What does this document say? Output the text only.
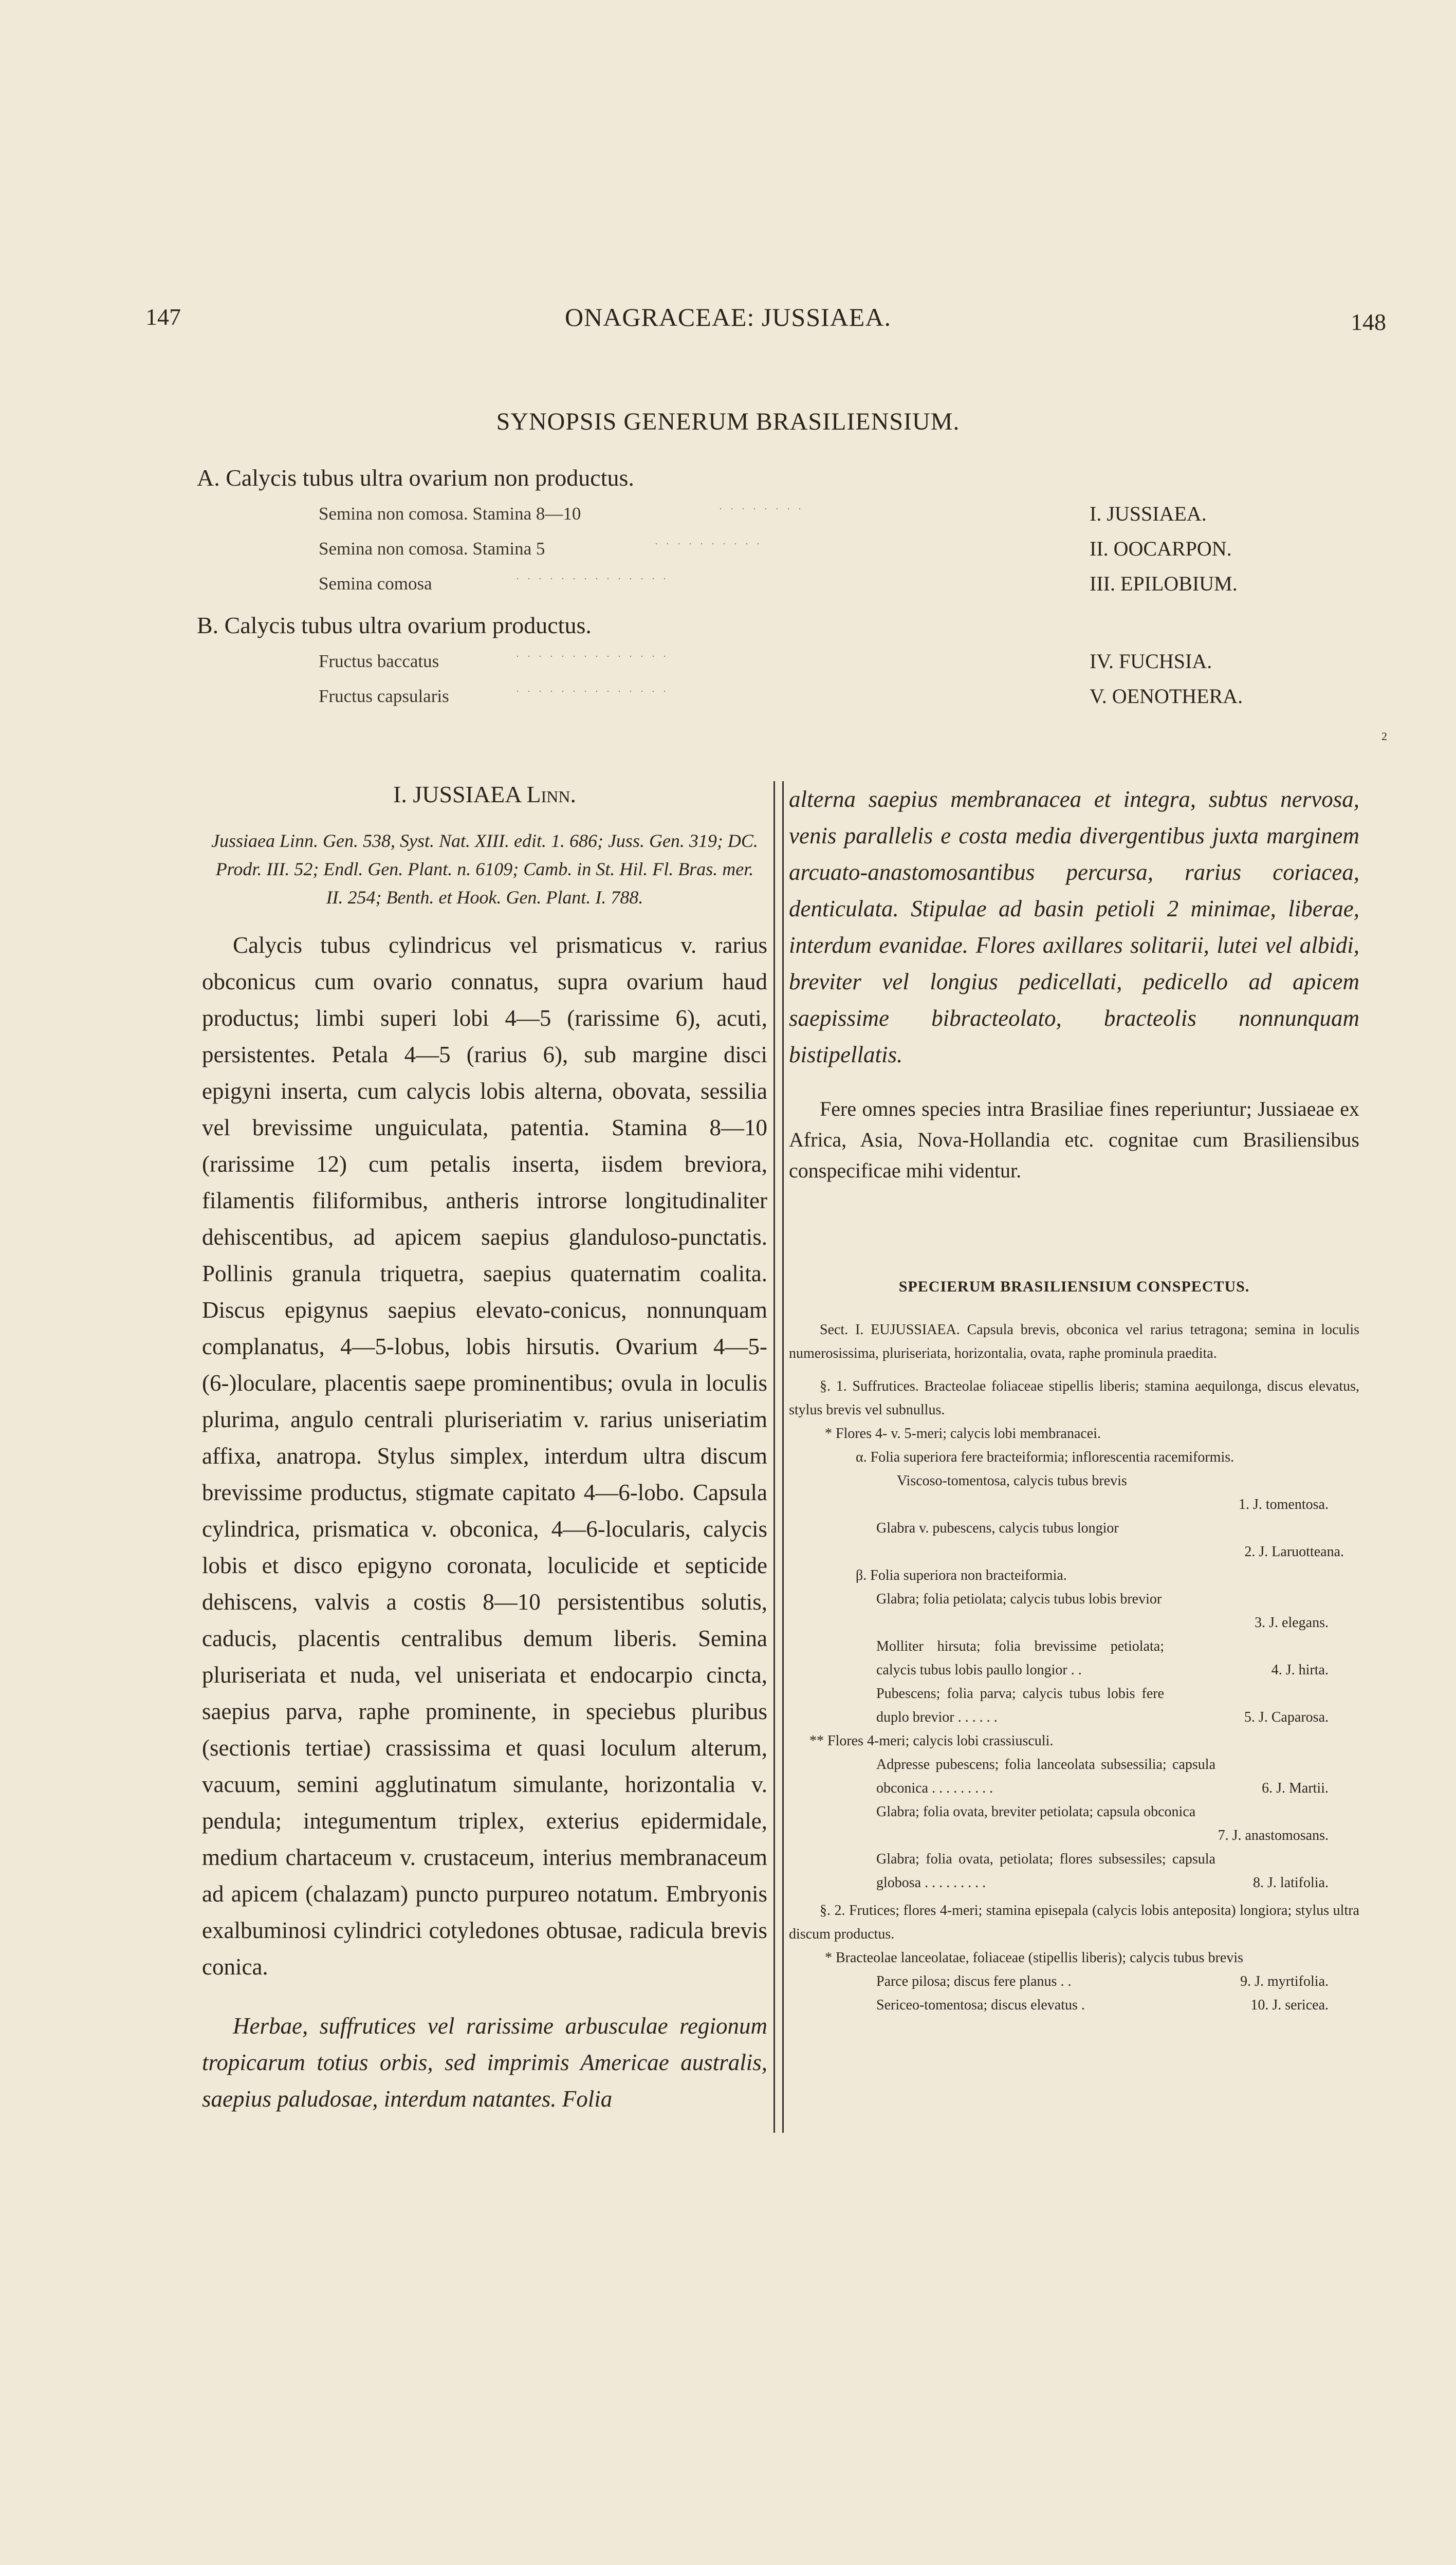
147	ONAGRACEAE: JUSSIAEA.	148
SYNOPSIS GENERUM BRASILIENSIUM.
A. Calycis tubus ultra ovarium non productus.
Semina non comosa. Stamina 8—10	........	I. JUSSIAEA.
Semina non comosa. Stamina 5	..........	II. OOCARPON.
Semina comosa	..............	III. EPILOBIUM.
B. Calycis tubus ultra ovarium productus.
Fructus baccatus	..............	IV. FUCHSIA.
Fructus capsularis	..............	V. OENOTHERA.
2

I. JUSSIAEA Linn.

Jussiaea Linn. Gen. 538, Syst. Nat. XIII. edit. 1. 686; Juss. Gen. 319; DC. Prodr. III. 52; Endl. Gen. Plant. n. 6109; Camb. in St. Hil. Fl. Bras. mer. II. 254; Benth. et Hook. Gen. Plant. I. 788.

Calycis tubus cylindricus vel prismaticus v. rarius obconicus cum ovario connatus, supra ovarium haud productus; limbi superi lobi 4—5 (rarissime 6), acuti, persistentes. Petala 4—5 (rarius 6), sub margine disci epigyni inserta, cum calycis lobis alterna, obovata, sessilia vel brevissime unguiculata, patentia. Stamina 8—10 (rarissime 12) cum petalis inserta, iisdem breviora, filamentis filiformibus, antheris introrse longitudinaliter dehiscentibus, ad apicem saepius glanduloso-punctatis. Pollinis granula triquetra, saepius quaternatim coalita. Discus epigynus saepius elevato-conicus, nonnunquam complanatus, 4—5-lobus, lobis hirsutis. Ovarium 4—5-(6-)loculare, placentis saepe prominentibus; ovula in loculis plurima, angulo centrali pluriseriatim v. rarius uniseriatim affixa, anatropa. Stylus simplex, interdum ultra discum brevissime productus, stigmate capitato 4—6-lobo. Capsula cylindrica, prismatica v. obconica, 4—6-locularis, calycis lobis et disco epigyno coronata, loculicide et septicide dehiscens, valvis a costis 8—10 persistentibus solutis, caducis, placentis centralibus demum liberis. Semina pluriseriata et nuda, vel uniseriata et endocarpio cincta, saepius parva, raphe prominente, in speciebus pluribus (sectionis tertiae) crassissima et quasi loculum alterum, vacuum, semini agglutinatum simulante, horizontalia v. pendula; integumentum triplex, exterius epidermidale, medium chartaceum v. crustaceum, interius membranaceum ad apicem (chalazam) puncto purpureo notatum. Embryonis exalbuminosi cylindrici cotyledones obtusae, radicula brevis conica.

Herbae, suffrutices vel rarissime arbusculae regionum tropicarum totius orbis, sed imprimis Americae australis, saepius paludosae, interdum natantes. Folia

alterna saepius membranacea et integra, subtus nervosa, venis parallelis e costa media divergentibus juxta marginem arcuato-anastomosantibus percursa, rarius coriacea, denticulata. Stipulae ad basin petioli 2 minimae, liberae, interdum evanidae. Flores axillares solitarii, lutei vel albidi, breviter vel longius pedicellati, pedicello ad apicem saepissime bibracteolato, bracteolis nonnunquam bistipellatis.

Fere omnes species intra Brasiliae fines reperiuntur; Jussiaeae ex Africa, Asia, Nova-Hollandia etc. cognitae cum Brasiliensibus conspecificae mihi videntur.

SPECIERUM BRASILIENSIUM CONSPECTUS.

Sect. I. EUJUSSIAEA. Capsula brevis, obconica vel rarius tetragona; semina in loculis numerosissima, pluriseriata, horizontalia, ovata, raphe prominula praedita.

§. 1. Suffrutices. Bracteolae foliaceae stipellis liberis; stamina aequilonga, discus elevatus, stylus brevis vel subnullus.

* Flores 4- v. 5-meri; calycis lobi membranacei.

α. Folia superiora fere bracteiformia; inflorescentia racemiformis.

Viscoso-tomentosa, calycis tubus brevis

1. J. tomentosa.

Glabra v. pubescens, calycis tubus longior

2. J. Laruotteana.

β. Folia superiora non bracteiformia.

Glabra; folia petiolata; calycis tubus lobis brevior

3. J. elegans.

Molliter hirsuta; folia brevissime petiolata; calycis tubus lobis paullo longior . .	4. J. hirta.
Pubescens; folia parva; calycis tubus lobis fere duplo brevior . . . . . .	5. J. Caparosa.

** Flores 4-meri; calycis lobi crassiusculi.

Adpresse pubescens; folia lanceolata subsessilia; capsula obconica . . . . . . . . .	6. J. Martii.

Glabra; folia ovata, breviter petiolata; capsula obconica

7. J. anastomosans.

Glabra; folia ovata, petiolata; flores subsessiles; capsula globosa . . . . . . . . .	8. J. latifolia.

§. 2. Frutices; flores 4-meri; stamina episepala (calycis lobis anteposita) longiora; stylus ultra discum productus.

* Bracteolae lanceolatae, foliaceae (stipellis liberis); calycis tubus brevis

Parce pilosa; discus fere planus . .	9. J. myrtifolia.
Sericeo-tomentosa; discus elevatus .	10. J. sericea.
